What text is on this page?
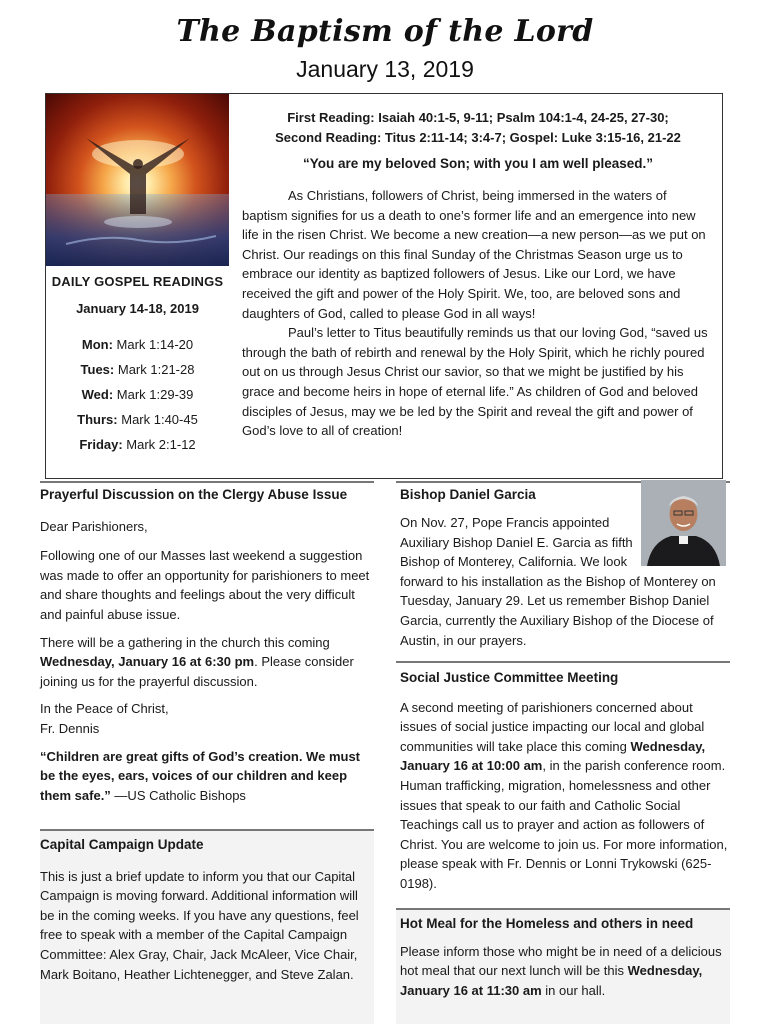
The Baptism of the Lord
January 13, 2019
DAILY GOSPEL READINGS
January 14-18, 2019
Mon: Mark 1:14-20
Tues: Mark 1:21-28
Wed: Mark 1:29-39
Thurs: Mark 1:40-45
Friday: Mark 2:1-12
First Reading: Isaiah 40:1-5, 9-11; Psalm 104:1-4, 24-25, 27-30;
Second Reading: Titus 2:11-14; 3:4-7; Gospel: Luke 3:15-16, 21-22
“You are my beloved Son; with you I am well pleased.”

As Christians, followers of Christ, being immersed in the waters of baptism signifies for us a death to one’s former life and an emergence into new life in the risen Christ. We become a new creation—a new person—as we put on Christ. Our readings on this final Sunday of the Christmas Season urge us to embrace our identity as baptized followers of Jesus. Like our Lord, we have received the gift and power of the Holy Spirit. We, too, are beloved sons and daughters of God, called to please God in all ways!

Paul’s letter to Titus beautifully reminds us that our loving God, “saved us through the bath of rebirth and renewal by the Holy Spirit, which he richly poured out on us through Jesus Christ our savior, so that we might be justified by his grace and become heirs in hope of eternal life.” As children of God and beloved disciples of Jesus, may we be led by the Spirit and reveal the gift and power of God’s love to all of creation!

Prayerful Discussion on the Clergy Abuse Issue
Dear Parishioners,
Following one of our Masses last weekend a suggestion was made to offer an opportunity for parishioners to meet and share thoughts and feelings about the very difficult and painful abuse issue.
There will be a gathering in the church this coming Wednesday, January 16 at 6:30 pm. Please consider joining us for the prayerful discussion.
In the Peace of Christ,
Fr. Dennis
“Children are great gifts of God’s creation. We must be the eyes, ears, voices of our children and keep them safe.” —US Catholic Bishops
Capital Campaign Update
This is just a brief update to inform you that our Capital Campaign is moving forward. Additional information will be in the coming weeks. If you have any questions, feel free to speak with a member of the Capital Campaign Committee: Alex Gray, Chair, Jack McAleer, Vice Chair, Mark Boitano, Heather Lichtenegger, and Steve Zalan.
Bishop Daniel Garcia
On Nov. 27, Pope Francis appointed Auxiliary Bishop Daniel E. Garcia as fifth Bishop of Monterey, California. We look forward to his installation as the Bishop of Monterey on Tuesday, January 29. Let us remember Bishop Daniel Garcia, currently the Auxiliary Bishop of the Diocese of Austin, in our prayers.
Social Justice Committee Meeting
A second meeting of parishioners concerned about issues of social justice impacting our local and global communities will take place this coming Wednesday, January 16 at 10:00 am, in the parish conference room. Human trafficking, migration, homelessness and other issues that speak to our faith and Catholic Social Teachings call us to prayer and action as followers of Christ. You are welcome to join us. For more information, please speak with Fr. Dennis or Lonni Trykowski (625-0198).
Hot Meal for the Homeless and others in need
Please inform those who might be in need of a delicious hot meal that our next lunch will be this Wednesday, January 16 at 11:30 am in our hall.
